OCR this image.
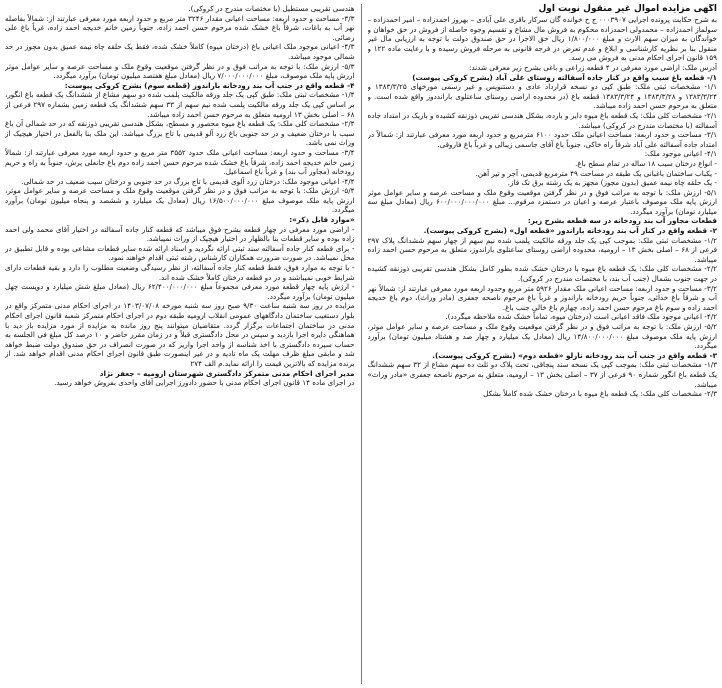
آگهی مزایده اموال غیر منقول نوبت اول

به شرح حکایت پرونده اجرایی ۰۰۰۳۹۰۷ ج ح خوانده گان سرکار باقری علی آبادی – بهروز احمدزاده – امیر احمدزاده – سولماز احمدزاده – محمدولی احمدزاده محکوم به فروش مال مشاع و تقسیم وجوه حاصله از فروش در حق خواهان و خواندگان به میزان سهم الارث و مبلغ ۱/۸۰۰/۰۰۰ ریال حق الاجرا در حق صندوق دولت با توجه به ارزیابی مال غیر منقول بنا بر نظریه کارشناسی و ابلاغ و عدم تعرض در فرجه قانونی به مرحله فروش رسیده و با رعایت ماده ۱۲۲ و ۱۵۹ قانون اجرای احکام مدنی به فروش می رسد.

آدرس ملک: اراضی مورد معرفی در ۴ قطعه زراعی و باغی بشرح زیر معرفی شدند:

۱/- قطعه باغ سیب واقع در کنار جاده آسفالته روستای علی آباد (بشرح کروکی پیوست)

۱/۱- مشخصات ثبتی ملک: طبق کپی دو نسخه قرارداد عادی و دستنویس و غیر رسمی مورخهای ۱۳۸۳/۳/۲۵ و ۱۳۸۳/۳/۲۴ و ۱۳۸۳/۳/۲۸ و ۱۳۸۳/۳/۲۴ قطعه باغ (در محدوده اراضی روستای ساعتلوی بارانددوز واقع شده است. و متعلق به مرحوم حسن احمد زاده میباشد.

۲/۱- مشخصات کلی ملک: یک قطعه باغ میوه دایر و بارده، بشکل هندسی تقریبی ذوزنقه کشیده و باریک در امتداد جاده آسفالته (با مختصات مندرج در کروکی) میباشد.

۳/۱- مساحت و حدود اربعه: مساحت اعیانی ملک حدود ۶۱۰۰ مترمربع و حدود اربعه مورد معرفی عبارتند از: شمالاً در امتداد جاده آسفالته علی آباد شرقاً راه خاکی، جنوباً باغ آقای جاسمی زیبالی و غرباً باغ فاروقی.

۴/۱- اعیانی موجود ملک:

- انواع درختان سیب ۱۸ ساله در تمام سطح باغ.

- یکباب ساختمان باغبانی یک طبقه در مساحت ۴۹ مترمربع قدیمی، آجر و تیر آهن.

- یک حلقه چاه نیمه عمیق (بدون مجوز) مجهز به یک رشته برق تک فاز.

۵/۱- ارزش ملک: با توجه به مراتب فوق و در نظر گرفتن موقعیت وقوع ملک و مساحت عرصه و سایر عوامل موثر ارزش پایه ملک موصوف باعتبار عرصه و اعیان در دستمزد مرقوم... مبلغ ۶۰۰/۰۰۰/۰۰۰/۰۰۰ ریال (معادل مبلغ سه میلیارد تومان) برآورد میگردد.

قطعات مجاور آب بند رودخانه در سه قطعه بشرح زیر:

۲- قطعه واقع در کنار آب بند رودخانه باراندوز «قطعه اول» (بشرح کروکی پیوست).

۱/۲- مشخصات ثبتی ملک: بموجب کپی یک جلد ورقه مالکیت پلمب شده نیم سهم از چهار سهم ششدانگ پلاک ۲۹۷ فرعی از ۶۸ – اصلی بخش ۱۳ – ارومیه، محدوده اراضی روستای ساعتلوی باراندوز، متعلق به مرحوم حسن احمد زاده میباشد.

۲/۲- مشخصات کلی ملک: یک قطعه باغ میوه با درختان خشک شده بطور کامل بشکل هندسی تقریبی ذوزنقه کشیده در جهت جنوب بشمال (جنب آب بند، با مختصات مندرج در کروکی).

۳/۲- مساحت و حدود اربعه: مساحت اعیانی ملک مقدار ۵۹۲۶ متر مربع وحدود اربعه مورد معرفی عبارتند از: شمالاً نهر آب و شرقاً باغ خدائی، جنوباً حریم رودخانه باراندوز و غرباً باغ مرحوم ناصحه جعفری (مادر وراث)، دوم باغ خدیجه احمد زاده و سوم باغ مرحوم حسن احمد زاده، چهارم باغ خالی جنب باغ.

۴/۲- اعیانی موجود ملک فاقد اعیانی است (درختان میوه، تماماً خشک شده ملاحظه میگردد).

۵/۲- ارزش ملک: با توجه به مراتب فوق و در نظر گرفتن موقعیت وقوع ملک و مساحت عرصه و سایر عوامل موثر، ارزش پایه ملک موصوف مبلغ ۱۴/۸۰۰/۰۰۰/۰۰۰ ریال (معادل یک میلیارد و چهار صد و هشتاد میلیون تومان) برآورد میگردد.

۳- قطعه واقع در جنب آب بند رودخانه نازلو «قطعه دوم» (بشرح کروکی پیوست).

۱/۳- مشخصات ثبتی ملک: بموجب کپی یک نسخه سند پنجاقی، تحت پلاک دو ثلث ده سهم مشاع از ۳۲ سهم ششدانگ یک قطعه باغ انگور شماره ۹۰ فرعی از ۳۷ – اصلی بخش ۱۳ – ارومیه، متعلق به مرحوم ناصحه جعفری «مادر وراث» میباشد.

۲/۳- مشخصات کلی ملک: یک قطعه باغ میوه با درختان خشک شده کاملاً بشکل

هندسی تقریبی مستطیل (با مختصات مندرج در کروکی).

۳/۳- مساحت و حدود اربعه: مساحت اعیانی مقدار ۳۲۴۶ متر مربع و حدود اربعه مورد معرفی عبارتند از: شمالاً بفاصله نهر آب به باغات، شرقاً باغ خشک شده مرحوم حسن احمد زاده، جنوباً زمین خانم خدیجه احمد زاده، غرباً باغ علی رضائی.

۴/۳- اعیانی موجود ملک اعیانی باغ (درختان میوه) کاملاً خشک شده، فقط یک حلقه چاه نیمه عمیق بدون مجوز در حد شمالی موجود میباشد.

۵/۳- ارزش ملک: با توجه به مراتب فوق و در نظر گرفتن موقعیت وقوع ملک و مساحت عرصه و سایر عوامل موثر ارزش پایه ملک موصوف، مبلغ ۷/۰۰۰/۰۰۰/۰۰۰ ریال (معادل مبلغ هفتصد میلیون تومان) برآورد میگردد.

۴- قطعه واقع در جنب آب بند رودخانه باراندوز (قطعه سوم) بشرح کروکی پیوست:

۱/۴- مشخصات ثبتی ملک: طبق کپی یک جلد ورقه مالکیت پلمب شده دو سهم مشاع از ششدانگ یک قطعه باغ انگور، بر اساس کپی یک جلد ورقه مالکیت پلمب شده نیم سهم از ۳۳ سهم ششدانگ یک قطعه زمین بشماره ۲۹۷ فرعی از ۶۸ – اصلی بخش ۱۳ ارومیه متعلق به مرحوم حسن احمد زاده میباشد.

۲/۴- مشخصات کلی ملک: یک قطعه باغ میوه محصور و مسطح، بشکل هندسی تقریبی ذوزنقه که در حد شمالی آن باغ سیب با درختان ضعیف و در حد جنوبی باغ زرد آلو قدیمی با تاج بزرگ میباشد. این ملک بنا بالفعل در اختیار هیچیک از وراث نمی باشد.

۳/۴- مساحت و حدود اربعه: مساحت اعیانی ملک حدود ۳۵۵۲ متر مربع و حدود اربعه مورد معرفی عبارتند از: شمالاً زمین خانم خدیجه احمد زاده، شرقاً باغ خشک شده مرحوم حسن احمد زاده دوم باغ جانعلی پرش، جنوباً به راه و حریم رودخانه (مجاور آب بند) و غرباً باغ اسماعیل.

۴/۴- اعیانی موجود ملک: درختان زرد آلوی قدیمی با تاج بزرگ در حد جنوبی و درختان سیب ضعیف در حد شمالی.

۵/۴- ارزش ملک: با توجه به مراتب فوق و در نظر گرفتن موقعیت وقوع ملک و مساحت عرصه و سایر عوامل موثر، ارزش پایه ملک موصوف مبلغ ۱۶/۵۰۰/۰۰۰/۰۰۰ ریال (معادل یک میلیارد و ششصد و پنجاه میلیون تومان) برآورد میگردد.

«موارد قابل ذکر»:

- اراضی مورد معرفی در چهار قطعه بشرح فوق میباشد که قطعه کنار جاده آسفالته در اختیار آقای محمد ولی احمد زاده بوده و سایر قطعات بنا بالظهار در اختیار هیچیک از وراث نمیباشد.

- برای قطعه کنار جاده آسفالته سند ثبتی ارائه نگردید و اسناد ارائه شده سایر قطعات مشاعی بوده و قابل تطبیق در محل نمیباشد. در صورت ضرورت همکاران کارشناس رشته ثبتی اقدام خواهند نمود.

- با توجه به موارد فوق، فقط قطعه کنار جاده آسفالته، از نظر رسیدگی وضعیت مطلوب را دارد و بقیه قطعات دارای شرایط خوبی نمیباشند و در دو قطعه درختان کاملاً خشک شده اند.

- ارزش پایه چهار قطعه مورد معرفی مجموعاً مبلغ ۶۲/۴۰۰/۰۰۰/۰۰۰ ریال (معادل مبلغ شش میلیارد و دویست چهل میلیون تومان) برآورد میگردد.

مزایده در روز سه شنبه ساعت ۹/۳۰ صبح روز سه شنبه مورخه ۱۴۰۳/۰۷/۰۸ در اجرای احکام مدنی متمرکز واقع در بلوار دستغیب ساختمان دادگاههای عمومی انقلاب ارومیه طبقه دوم در اجرای احکام متمرکز شعبه قانون اجرای احکام مدنی در ساختمان اجتماعات برگزار گردد. متقاضیان میتوانند پنج روز مانده به مزایده از مورد مزایده باز دید با هماهنگی دایره اجرا بازدید و سپس در محل دادگستری قبلاً و در زمان مقرر حاضر و ۱۰ درصد کل مبلغ فی الجلسه به حساب سپرده دادگستری با اخذ شناسه از واحد اجرا واریز که در صورت انصراف در حق صندوق دولت ضبط خواهد شد و مابقی مبلغ ظرف مهلت یک ماه تادیه و در غیر اینصورت طبق قانون اجرای احکام مدنی اقدام خواهد شد. از برنده مزایده که بالاترین قیمت را ارائه نماید.م الف ۲۷۴

مدیر اجرای احکام مدنی متمرکز دادگستری شهرستان ارومیه – جعفر نژاد

در اجرای ماده ۱۴ قانون اجرای احکام مدنی با حضور دادورز اجرایی آقای واحدی بفروش خواهد رسید.
